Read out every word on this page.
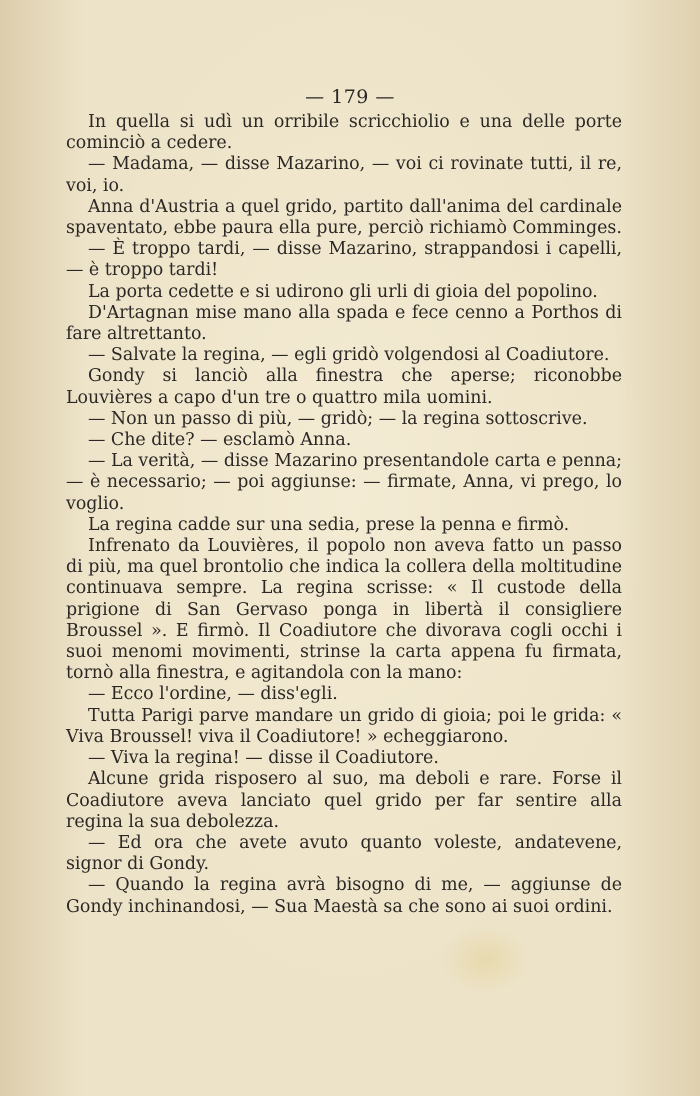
— 179 —

In quella si udì un orribile scricchiolio e una delle porte cominciò a cedere.

— Madama, — disse Mazarino, — voi ci rovinate tutti, il re, voi, io.

Anna d'Austria a quel grido, partito dall'anima del cardinale spaventato, ebbe paura ella pure, perciò richiamò Comminges.

— È troppo tardi, — disse Mazarino, strappandosi i capelli, — è troppo tardi!

La porta cedette e si udirono gli urli di gioia del popolino.

D'Artagnan mise mano alla spada e fece cenno a Porthos di fare altrettanto.

— Salvate la regina, — egli gridò volgendosi al Coadiutore.

Gondy si lanciò alla finestra che aperse; riconobbe Louvières a capo d'un tre o quattro mila uomini.

— Non un passo di più, — gridò; — la regina sottoscrive.

— Che dite? — esclamò Anna.

— La verità, — disse Mazarino presentandole carta e penna; — è necessario; — poi aggiunse: — firmate, Anna, vi prego, lo voglio.

La regina cadde sur una sedia, prese la penna e firmò.

Infrenato da Louvières, il popolo non aveva fatto un passo di più, ma quel brontolio che indica la collera della moltitudine continuava sempre. La regina scrisse: « Il custode della prigione di San Gervaso ponga in libertà il consigliere Broussel ». E firmò. Il Coadiutore che divorava cogli occhi i suoi menomi movimenti, strinse la carta appena fu firmata, tornò alla finestra, e agitandola con la mano:

— Ecco l'ordine, — diss'egli.

Tutta Parigi parve mandare un grido di gioia; poi le grida: « Viva Broussel! viva il Coadiutore! » echeggiarono.

— Viva la regina! — disse il Coadiutore.

Alcune grida risposero al suo, ma deboli e rare. Forse il Coadiutore aveva lanciato quel grido per far sentire alla regina la sua debolezza.

— Ed ora che avete avuto quanto voleste, andatevene, signor di Gondy.

— Quando la regina avrà bisogno di me, — aggiunse de Gondy inchinandosi, — Sua Maestà sa che sono ai suoi ordini.
